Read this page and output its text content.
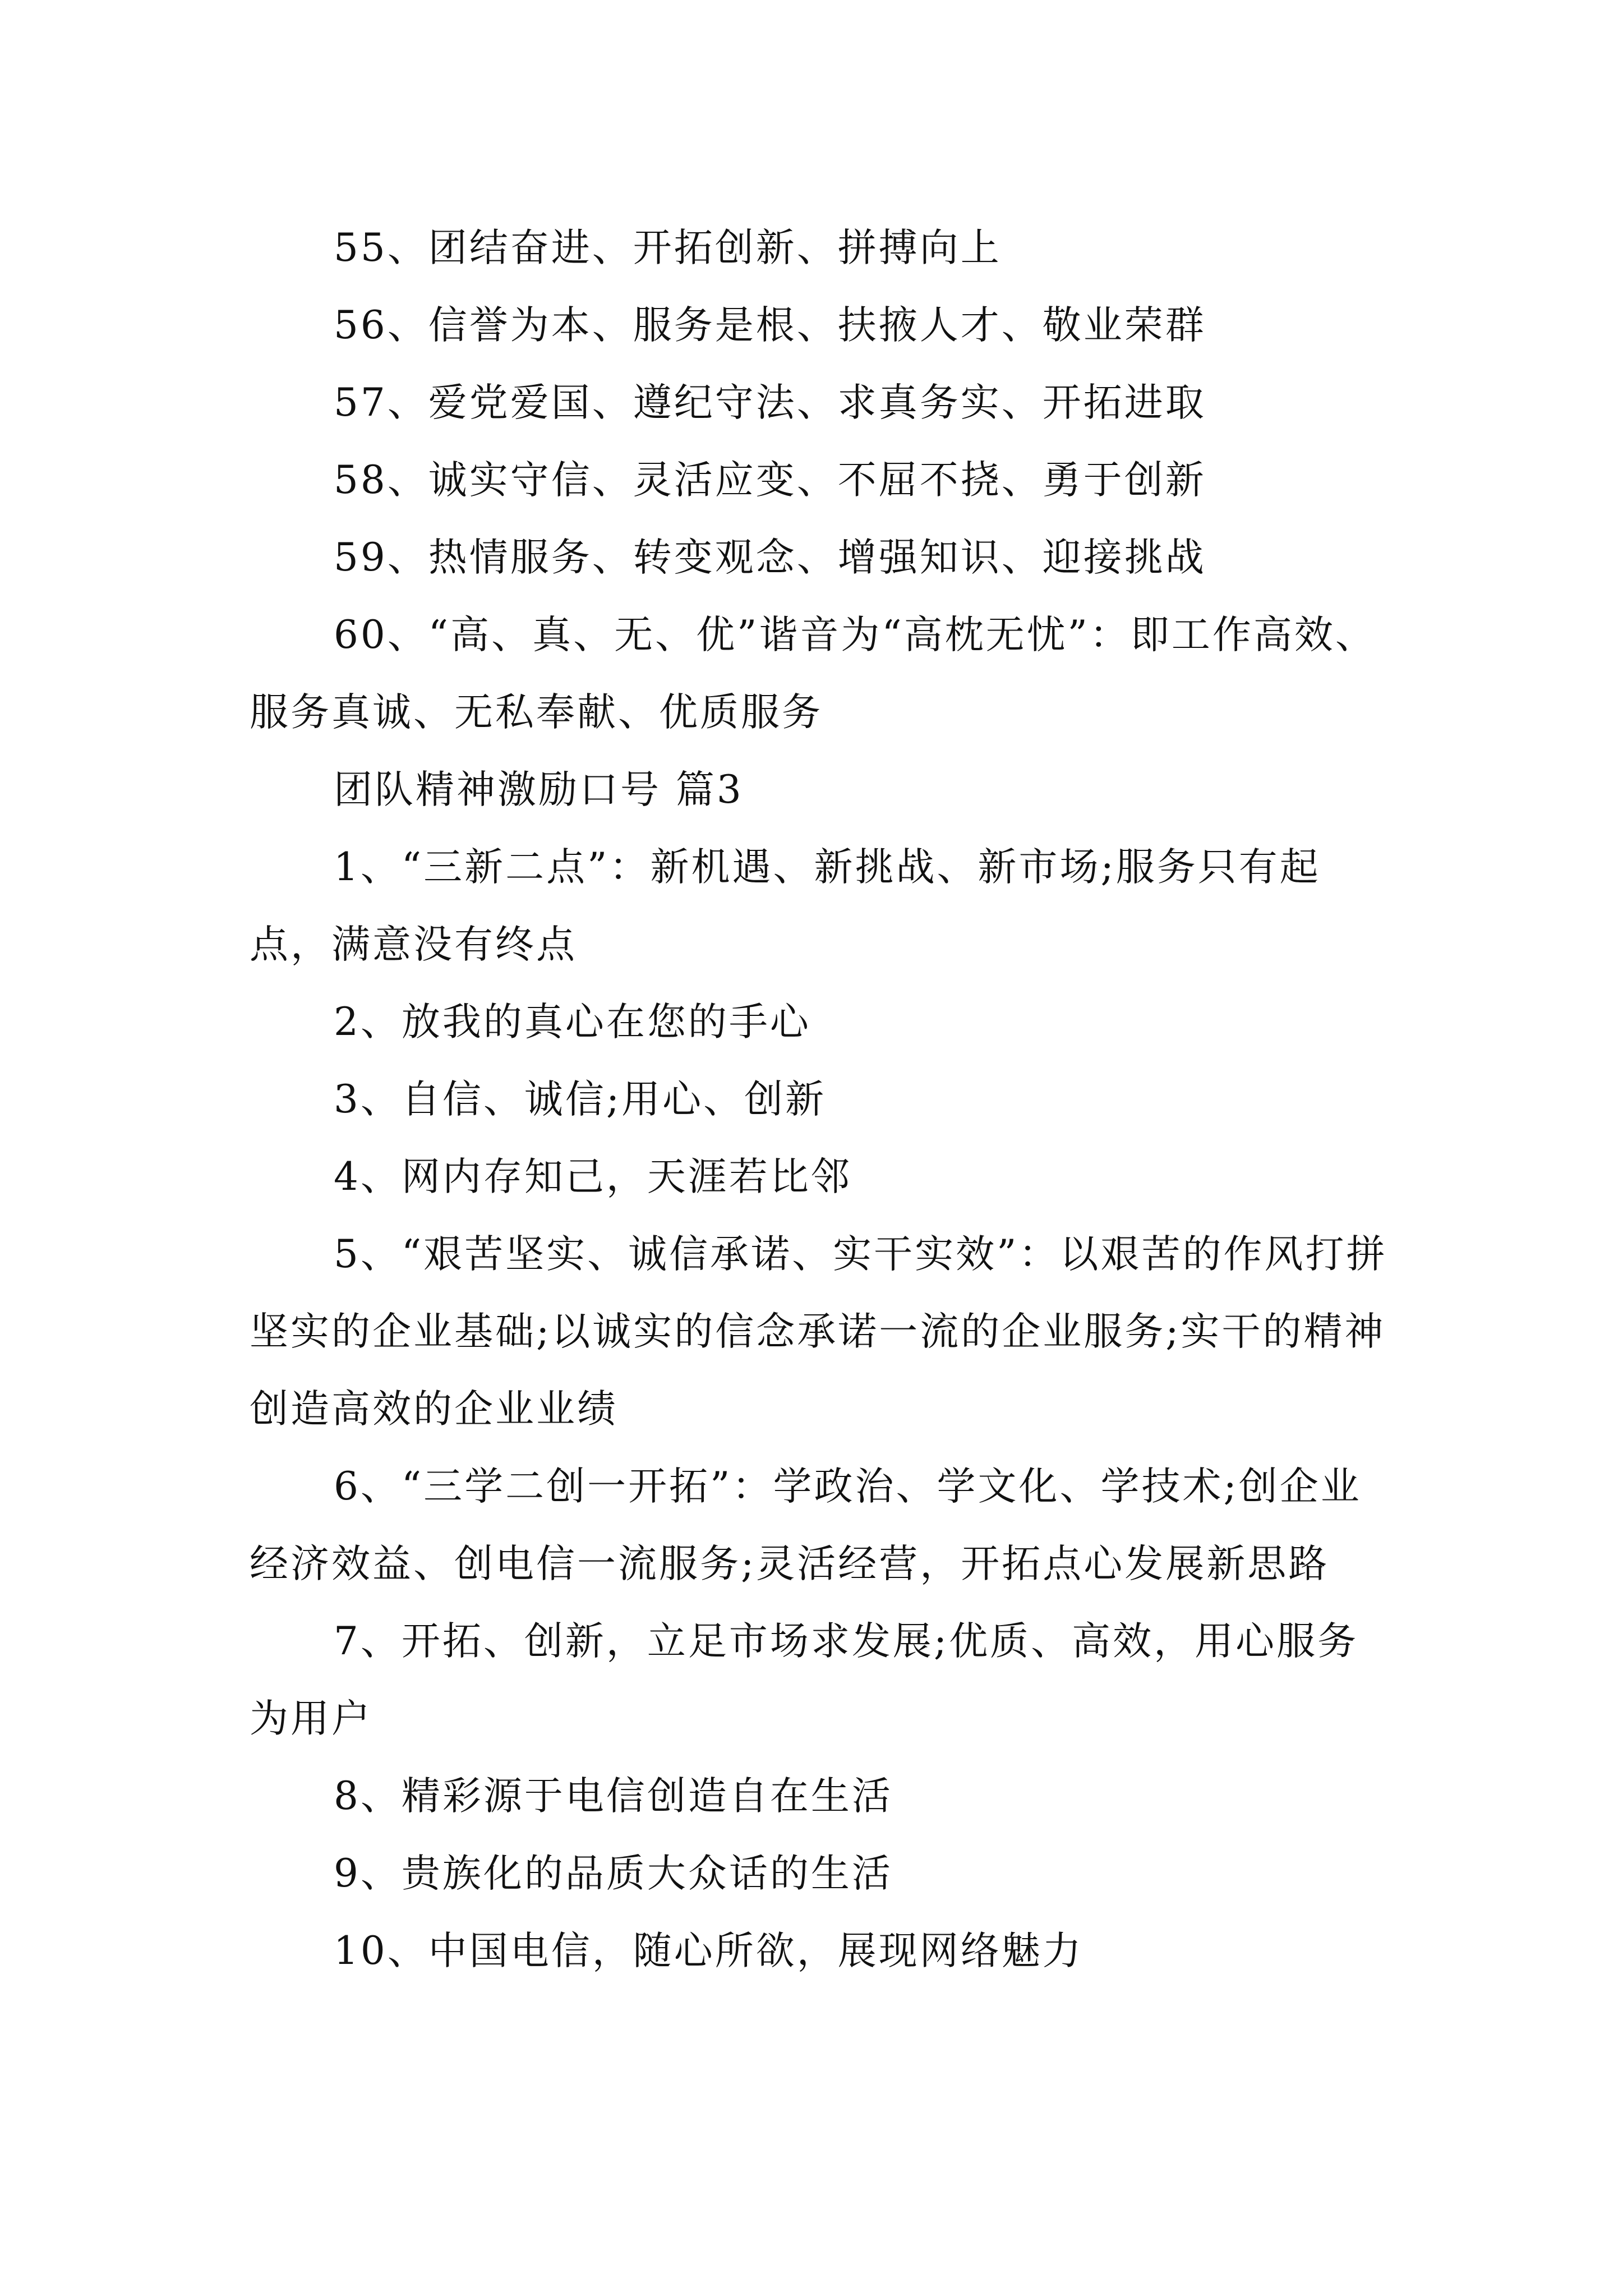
55、团结奋进、开拓创新、拼搏向上

56、信誉为本、服务是根、扶掖人才、敬业荣群

57、爱党爱国、遵纪守法、求真务实、开拓进取

58、诚实守信、灵活应变、不屈不挠、勇于创新

59、热情服务、转变观念、增强知识、迎接挑战

60、“高、真、无、优”谐音为“高枕无忧”：即工作高效、服务真诚、无私奉献、优质服务

团队精神激励口号 篇3

1、“三新二点”：新机遇、新挑战、新市场;服务只有起点，满意没有终点

2、放我的真心在您的手心

3、自信、诚信;用心、创新

4、网内存知己，天涯若比邻

5、“艰苦坚实、诚信承诺、实干实效”：以艰苦的作风打拼坚实的企业基础;以诚实的信念承诺一流的企业服务;实干的精神创造高效的企业业绩

6、“三学二创一开拓”：学政治、学文化、学技术;创企业经济效益、创电信一流服务;灵活经营，开拓点心发展新思路

7、开拓、创新，立足市场求发展;优质、高效，用心服务为用户

8、精彩源于电信创造自在生活

9、贵族化的品质大众话的生活

10、中国电信，随心所欲，展现网络魅力
